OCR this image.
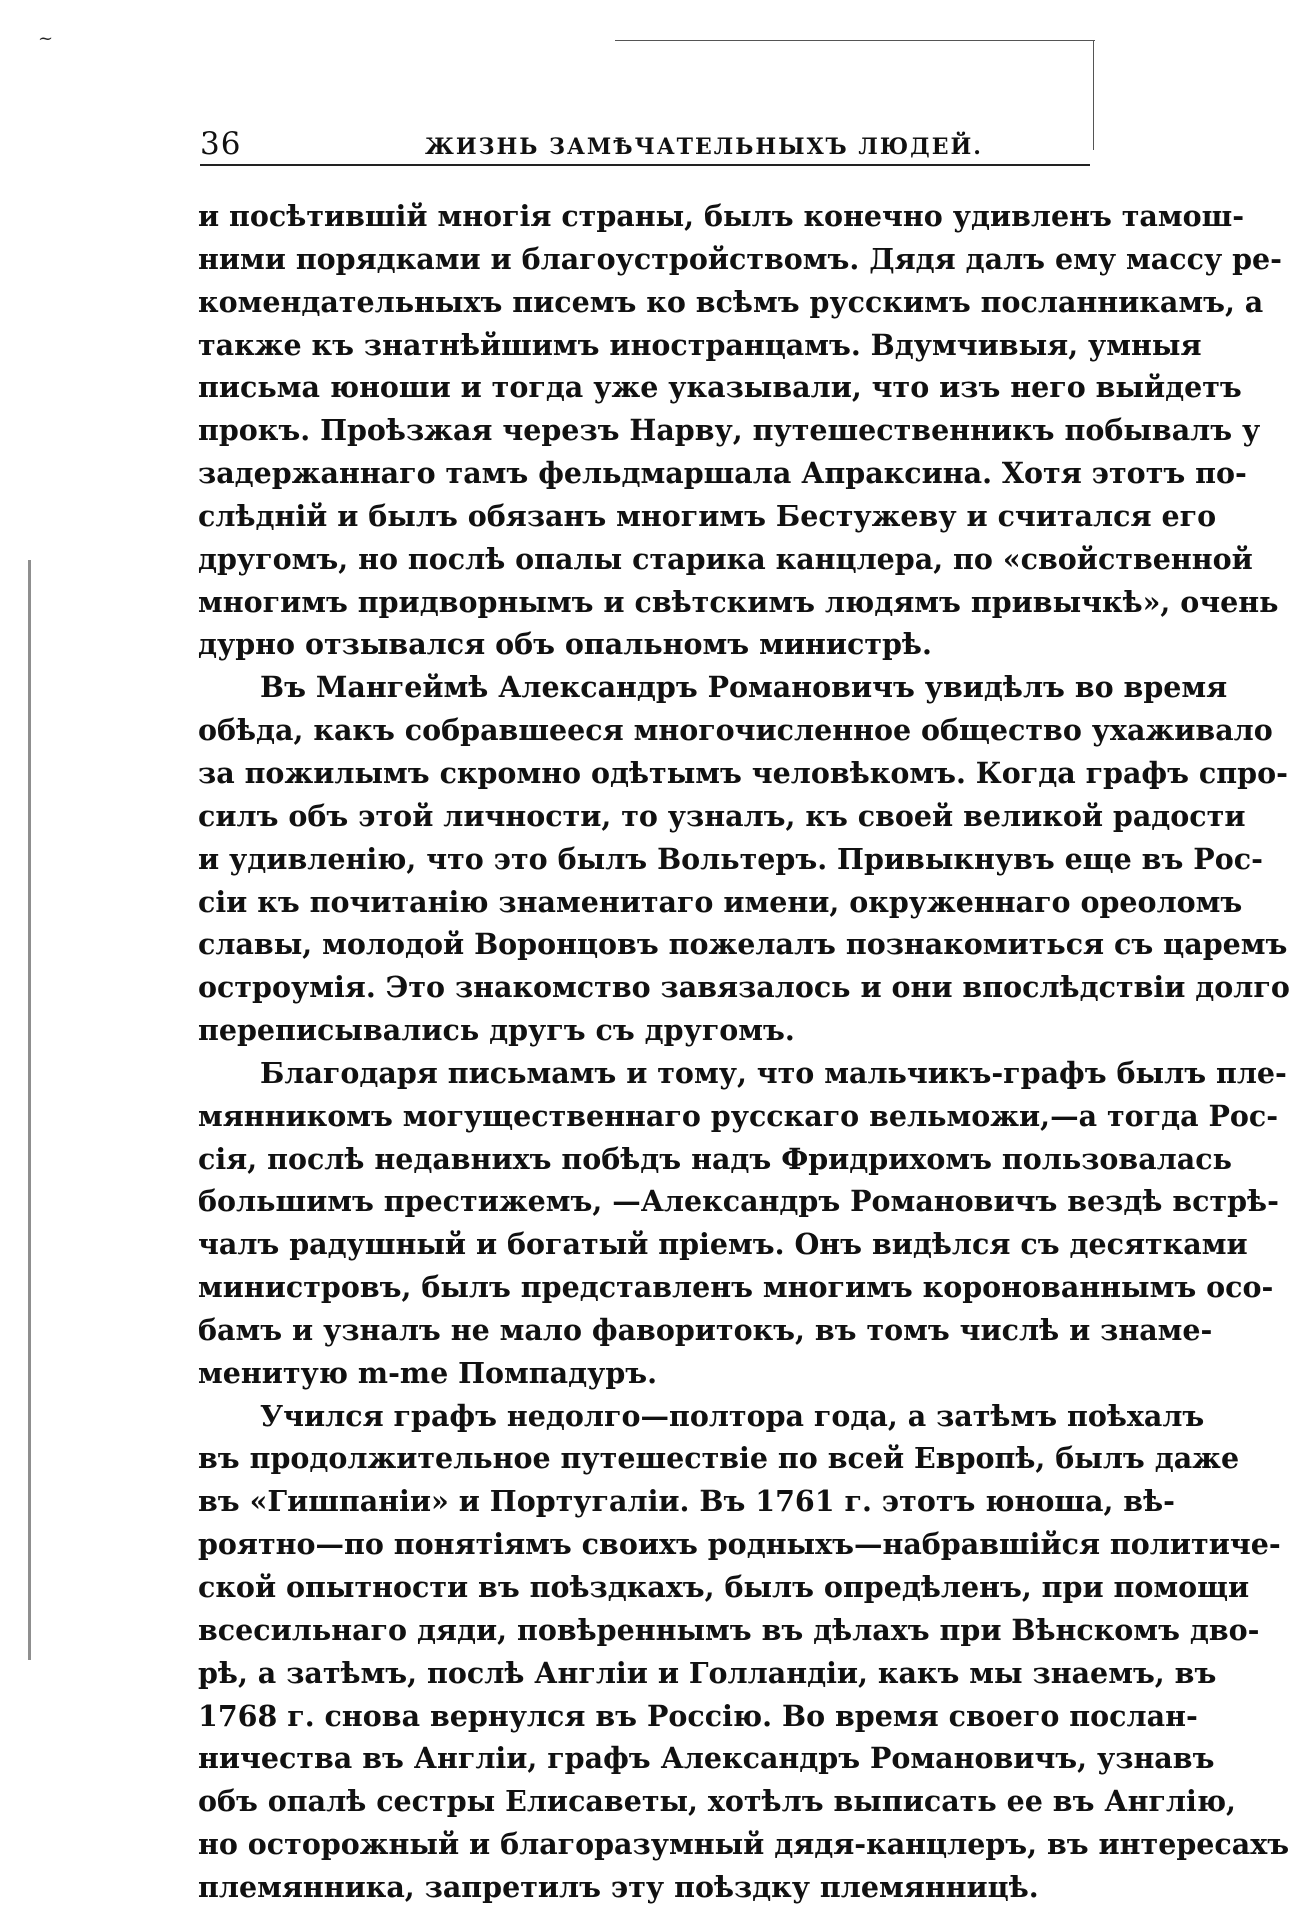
~
36	ЖИЗНЬ ЗАМѢЧАТЕЛЬНЫХЪ ЛЮДЕЙ.
и посѣтившій многія страны, былъ конечно удивленъ тамош-
ними порядками и благоустройствомъ. Дядя далъ ему массу ре-
комендательныхъ писемъ ко всѣмъ русскимъ посланникамъ, а
также къ знатнѣйшимъ иностранцамъ. Вдумчивыя, умныя
письма юноши и тогда уже указывали, что изъ него выйдетъ
прокъ. Проѣзжая черезъ Нарву, путешественникъ побывалъ у
задержаннаго тамъ фельдмаршала Апраксина. Хотя этотъ по-
слѣдній и былъ обязанъ многимъ Бестужеву и считался его
другомъ, но послѣ опалы старика канцлера, по «свойственной
многимъ придворнымъ и свѣтскимъ людямъ привычкѣ», очень
дурно отзывался объ опальномъ министрѣ.
Въ Мангеймѣ Александръ Романовичъ увидѣлъ во время
обѣда, какъ собравшееся многочисленное общество ухаживало
за пожилымъ скромно одѣтымъ человѣкомъ. Когда графъ спро-
силъ объ этой личности, то узналъ, къ своей великой радости
и удивленію, что это былъ Вольтеръ. Привыкнувъ еще въ Рос-
сіи къ почитанію знаменитаго имени, окруженнаго ореоломъ
славы, молодой Воронцовъ пожелалъ познакомиться съ царемъ
остроумія. Это знакомство завязалось и они впослѣдствіи долго
переписывались другъ съ другомъ.
Благодаря письмамъ и тому, что мальчикъ-графъ былъ пле-
мянникомъ могущественнаго русскаго вельможи,—а тогда Рос-
сія, послѣ недавнихъ побѣдъ надъ Фридрихомъ пользовалась
большимъ престижемъ, —Александръ Романовичъ вездѣ встрѣ-
чалъ радушный и богатый пріемъ. Онъ видѣлся съ десятками
министровъ, былъ представленъ многимъ коронованнымъ осо-
бамъ и узналъ не мало фаворитокъ, въ томъ числѣ и знаме-
менитую m-me Помпадуръ.
Учился графъ недолго—полтора года, а затѣмъ поѣхалъ
въ продолжительное путешествіе по всей Европѣ, былъ даже
въ «Гишпаніи» и Португаліи. Въ 1761 г. этотъ юноша, вѣ-
роятно—по понятіямъ своихъ родныхъ—набравшійся политиче-
ской опытности въ поѣздкахъ, былъ опредѣленъ, при помощи
всесильнаго дяди, повѣреннымъ въ дѣлахъ при Вѣнскомъ дво-
рѣ, а затѣмъ, послѣ Англіи и Голландіи, какъ мы знаемъ, въ
1768 г. снова вернулся въ Россію. Во время своего послан-
ничества въ Англіи, графъ Александръ Романовичъ, узнавъ
объ опалѣ сестры Елисаветы, хотѣлъ выписать ее въ Англію,
но осторожный и благоразумный дядя-канцлеръ, въ интересахъ
племянника, запретилъ эту поѣздку племянницѣ.
